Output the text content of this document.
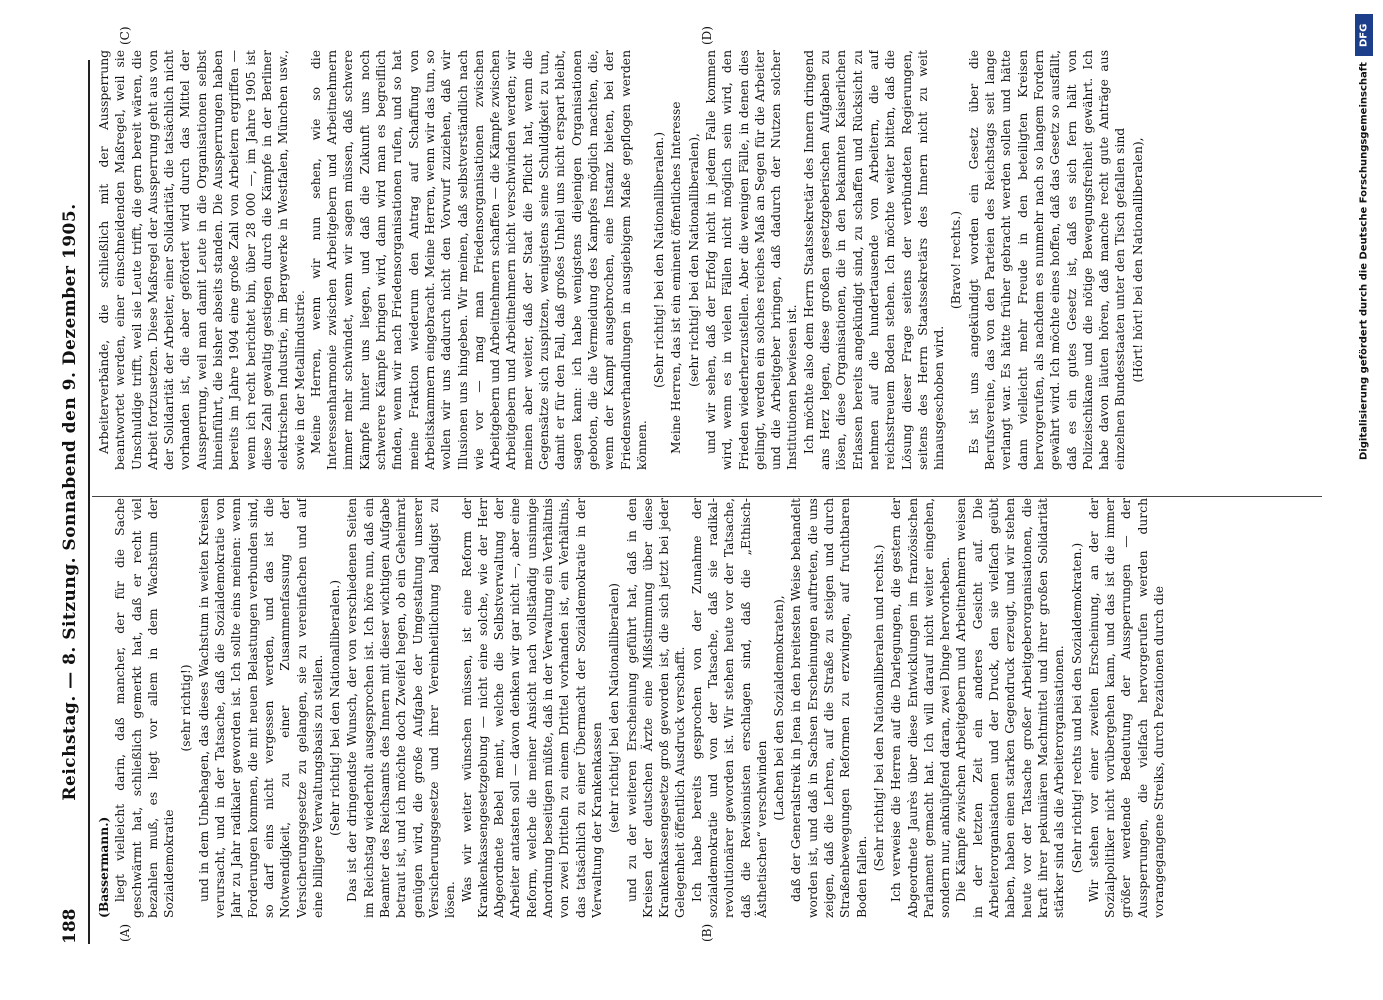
188
Reichstag. — 8. Sitzung. Sonnabend den 9. Dezember 1905.
(A)	(B)
(C)	(D)

(Bassermann.) liegt vielleicht darin, daß mancher, der für die Sache geschwärmt hat, schließlich gemerkt hat, daß er recht viel bezahlen muß, es liegt vor allem in dem Wachstum der Sozialdemokratie

(sehr richtig!) und in dem Unbehagen, das dieses Wachstum in weiten Kreisen verursacht, und in der Tatsache, daß die Sozialdemokratie von Jahr zu Jahr radikaler geworden ist. Ich sollte eins meinen: wenn Forderungen kommen, die mit neuen Belastungen verbunden sind, so darf eins nicht vergessen werden, und das ist die Notwendigkeit, zu einer Zusammenfassung der Versicherungsgesetze zu gelangen, sie zu vereinfachen und auf eine billigere Verwaltungsbasis zu stellen. (Sehr richtig! bei den Nationalliberalen.) Das ist der dringendste Wunsch, der von verschiedenen Seiten im Reichstag wiederholt ausgesprochen ist. Ich höre nun, daß ein Beamter des Reichsamts des Innern mit dieser wichtigen Aufgabe betraut ist, und ich möchte doch Zweifel hegen, ob ein Geheimrat genügen wird, die große Aufgabe der Umgestaltung unserer Versicherungsgesetze und ihrer Vereinheitlichung baldigst zu lösen. Was wir weiter wünschen müssen, ist eine Reform der Krankenkassengesetzgebung — nicht eine solche, wie der Herr Abgeordnete Bebel meint, welche die Selbstverwaltung der Arbeiter antasten soll — davon denken wir gar nicht —, aber eine Reform, welche die meiner Ansicht nach vollständig unsinnige Anordnung beseitigen müßte, daß in der Verwaltung ein Verhältnis von zwei Dritteln zu einem Drittel vorhanden ist, ein Verhältnis, das tatsächlich zu einer Übermacht der Sozialdemokratie in der Verwaltung der Krankenkassen (sehr richtig! bei den Nationalliberalen) und zu der weiteren Erscheinung geführt hat, daß in den Kreisen der deutschen Ärzte eine Mißstimmung über diese Krankenkassengesetze groß geworden ist, die sich jetzt bei jeder Gelegenheit öffentlich Ausdruck verschafft. Ich habe bereits gesprochen von der Zunahme der sozialdemokratie und von der Tatsache, daß sie radikal-revolutionärer geworden ist. Wir stehen heute vor der Tatsache, daß die Revisionisten erschlagen sind, daß die „Ethisch-Ästhetischen“ verschwinden

(Lachen bei den Sozialdemokraten), daß der Generalstreik in Jena in den breitesten Weise behandelt worden ist, und daß in Sachsen Erscheinungen auftreten, die uns zeigen, daß die Lehren, auf die Straße zu steigen und durch Straßenbewegungen Reformen zu erzwingen, auf fruchtbaren Boden fallen.

(Sehr richtig! bei den Nationalliberalen und rechts.) Ich verweise die Herren auf die Darlegungen, die gestern der Abgeordnete Jaurès über diese Entwicklungen im französischen Parlament gemacht hat. Ich will darauf nicht weiter eingehen, sondern nur, anknüpfend daran, zwei Dinge hervorheben. Die Kämpfe zwischen Arbeitgebern und Arbeitnehmern weisen in der letzten Zeit ein anderes Gesicht auf. Die Arbeiterorganisationen und der Druck, den sie vielfach geübt haben, haben einen starken Gegendruck erzeugt, und wir stehen heute vor der Tatsache großer Arbeitgeberorganisationen, die kraft ihrer pekuniären Machtmittel und ihrer großen Solidarität stärker sind als die Arbeiterorganisationen. (Sehr richtig! rechts und bei den Sozialdemokraten.) Wir stehen vor einer zweiten Erscheinung, an der der Sozialpolitiker nicht vorübergehen kann, und das ist die immer größer werdende Bedeutung der Aussperrungen — der Aussperrungen, die vielfach hervorgerufen werden durch vorangegangene Streiks, durch Pezationen durch die

Arbeiterverbände, die schließlich mit der Aussperrung beantwortet werden, einer einschneidenden Maßregel, weil sie Unschuldige trifft, weil sie Leute trifft, die gern bereit wären, die Arbeit fortzusetzen. Diese Maßregel der Aussperrung geht aus von der Solidarität der Arbeiter, einer Solidarität, die tatsächlich nicht vorhanden ist, die aber gefördert wird durch das Mittel der Aussperrung, weil man damit Leute in die Organisationen selbst hineinführt, die bisher abseits standen. Die Aussperrungen haben bereits im Jahre 1904 eine große Zahl von Arbeitern ergriffen — wenn ich recht berichtet bin, über 28 000 —, im Jahre 1905 ist diese Zahl gewaltig gestiegen durch die Kämpfe in der Berliner elektrischen Industrie, im Bergwerke in Westfalen, München usw., sowie in der Metallindustrie. Meine Herren, wenn wir nun sehen, wie so die Interessenharmonie zwischen Arbeitgebern und Arbeitnehmern immer mehr schwindet, wenn wir sagen müssen, daß schwere Kämpfe hinter uns liegen, und daß die Zukunft uns noch schwerere Kämpfe bringen wird, dann wird man es begreiflich finden, wenn wir nach Friedensorganisationen rufen, und so hat meine Fraktion wiederum den Antrag auf Schaffung von Arbeitskammern eingebracht. Meine Herren, wenn wir das tun, so wollen wir uns dadurch nicht den Vorwurf zuziehen, daß wir Illusionen uns hingeben. Wir meinen, daß selbstverständlich nach wie vor — mag man Friedensorganisationen zwischen Arbeitgebern und Arbeitnehmern schaffen — die Kämpfe zwischen Arbeitgebern und Arbeitnehmern nicht verschwinden werden; wir meinen aber weiter, daß der Staat die Pflicht hat, wenn die Gegensätze sich zuspitzen, wenigstens seine Schuldigkeit zu tun, damit er für den Fall, daß großes Unheil uns nicht erspart bleibt, sagen kann: ich habe wenigstens diejenigen Organisationen geboten, die die Vermeidung des Kampfes möglich machten, die, wenn der Kampf ausgebrochen, eine Instanz bieten, bei der Friedensverhandlungen in ausgiebigem Maße gepflogen werden können.

(Sehr richtig! bei den Nationalliberalen.) Meine Herren, das ist ein eminent öffentliches Interesse (sehr richtig! bei den Nationalliberalen), und wir sehen, daß der Erfolg nicht in jedem Falle kommen wird, wenn es in vielen Fällen nicht möglich sein wird, den Frieden wiederherzustellen. Aber die wenigen Fälle, in denen dies gelingt, werden ein solches reiches Maß an Segen für die Arbeiter und die Arbeitgeber bringen, daß dadurch der Nutzen solcher Institutionen bewiesen ist. Ich möchte also dem Herrn Staatssekretär des Innern dringend ans Herz legen, diese großen gesetzgeberischen Aufgaben zu lösen, diese Organisationen, die in den bekannten Kaiserlichen Erlassen bereits angekündigt sind, zu schaffen und Rücksicht zu nehmen auf die hundertausende von Arbeitern, die auf reichsstreuem Boden stehen. Ich möchte weiter bitten, daß die Lösung dieser Frage seitens der verbündeten Regierungen, seitens des Herrn Staatssekretärs des Innern nicht zu weit hinausgeschoben wird.

(Bravo! rechts.) Es ist uns angekündigt worden ein Gesetz über die Berufsvereine, das von den Parteien des Reichstags seit lange verlangt war. Es hätte früher gebracht werden sollen und hätte dann vielleicht mehr Freude in den beteiligten Kreisen hervorgerufen, als nachdem es nunmehr nach so langem Fordern gewährt wird. Ich möchte eines hoffen, daß das Gesetz so ausfällt, daß es ein gutes Gesetz ist, daß es sich fern hält von Polizeischikane und die nötige Bewegungsfreiheit gewährt. Ich habe davon läuten hören, daß manche recht gute Anträge aus einzelnen Bundesstaaten unter den Tisch gefallen sind (Hört! hört! bei den Nationalliberalen),

DFG
Digitalisierung gefördert durch die Deutsche Forschungsgemeinschaft
